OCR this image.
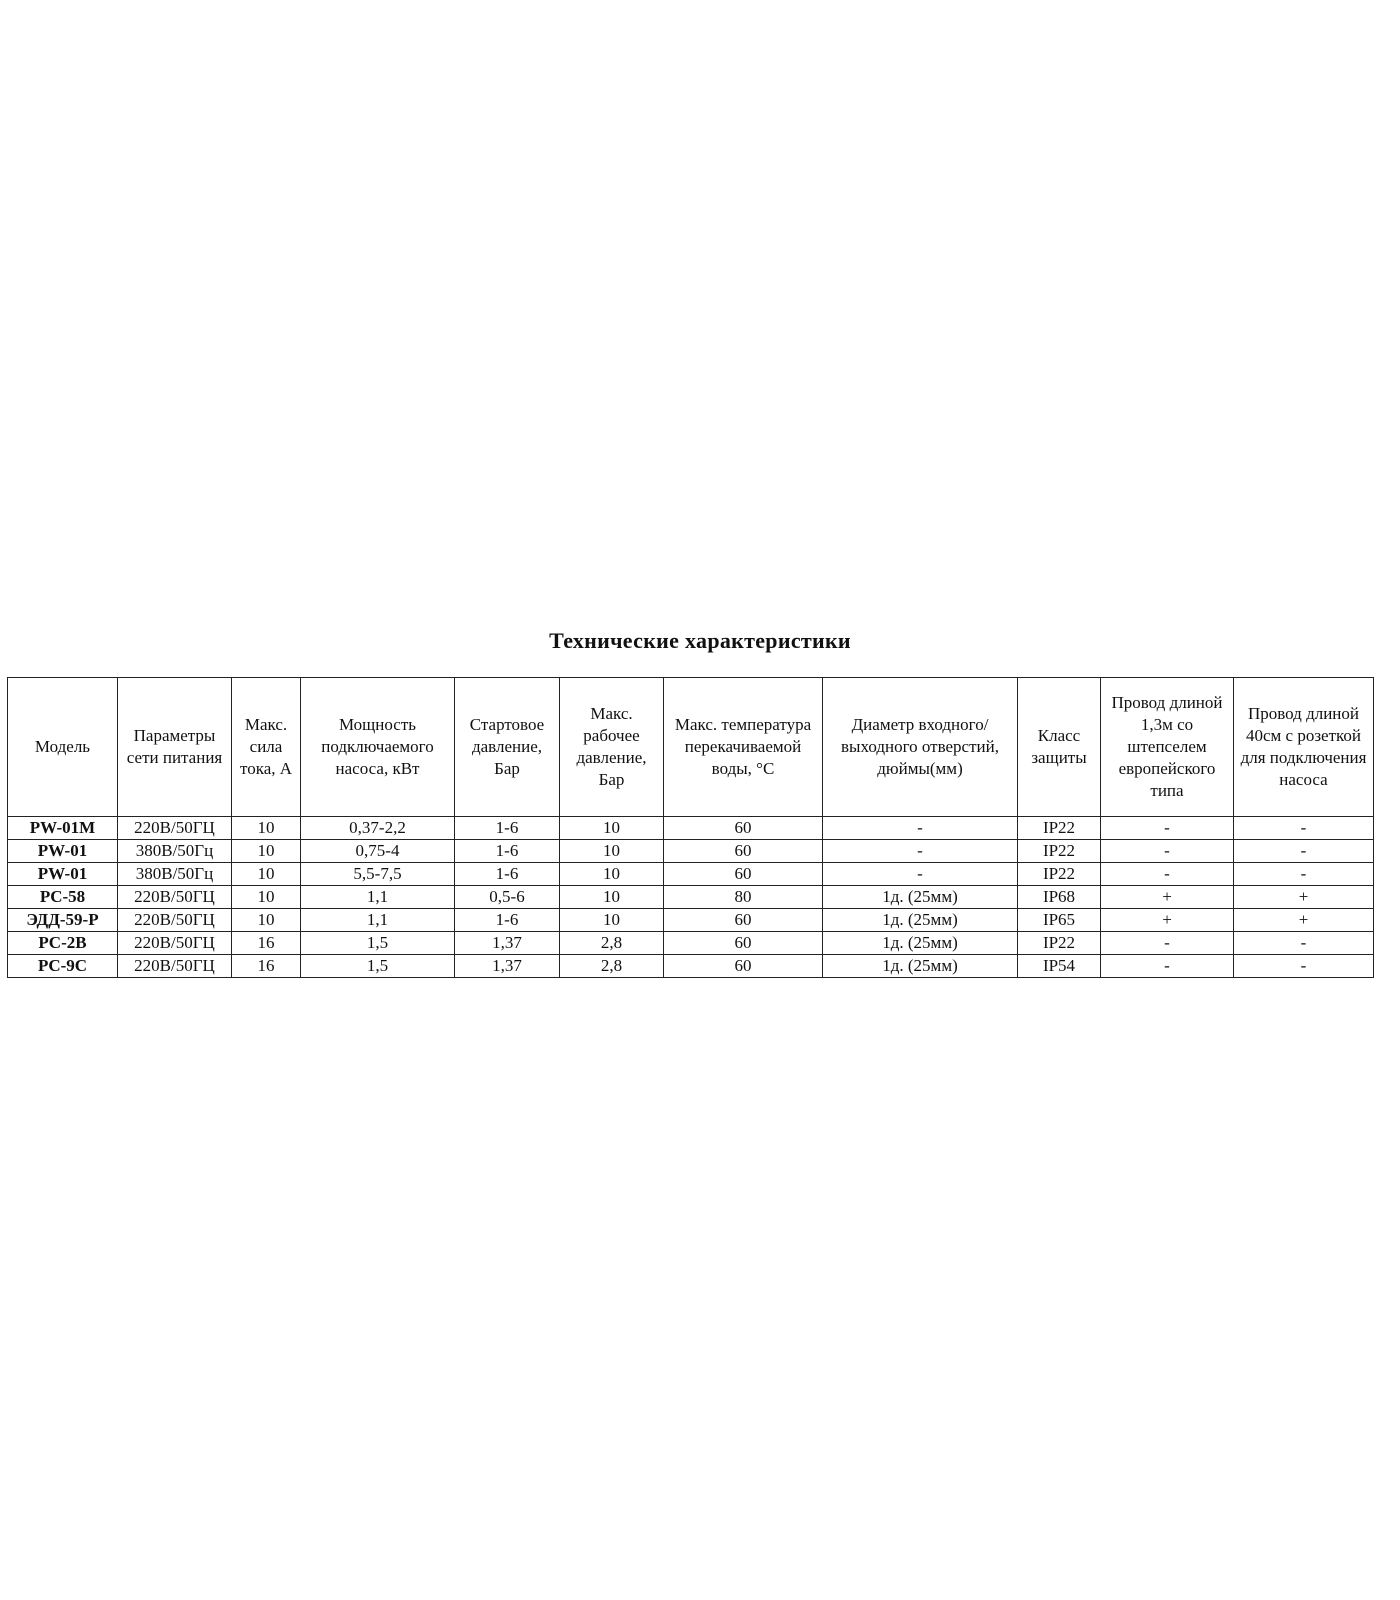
Технические характеристики
Модель	Параметры сети питания	Макс. сила тока, А	Мощность подключаемого насоса, кВт	Стартовое давление, Бар	Макс. рабочее давление, Бар	Макс. температура перекачиваемой воды, °С	Диаметр входного/выходного отверстий, дюймы(мм)	Класс защиты	Провод длиной 1,3м со штепселем европейского типа	Провод длиной 40см с розеткой для подключения насоса
PW-01M	220В/50ГЦ	10	0,37-2,2	1-6	10	60	-	IP22	-	-
PW-01	380В/50Гц	10	0,75-4	1-6	10	60	-	IP22	-	-
PW-01	380В/50Гц	10	5,5-7,5	1-6	10	60	-	IP22	-	-
PC-58	220В/50ГЦ	10	1,1	0,5-6	10	80	1д. (25мм)	IP68	+	+
ЭДД-59-Р	220В/50ГЦ	10	1,1	1-6	10	60	1д. (25мм)	IP65	+	+
PC-2B	220В/50ГЦ	16	1,5	1,37	2,8	60	1д. (25мм)	IP22	-	-
PC-9C	220В/50ГЦ	16	1,5	1,37	2,8	60	1д. (25мм)	IP54	-	-
